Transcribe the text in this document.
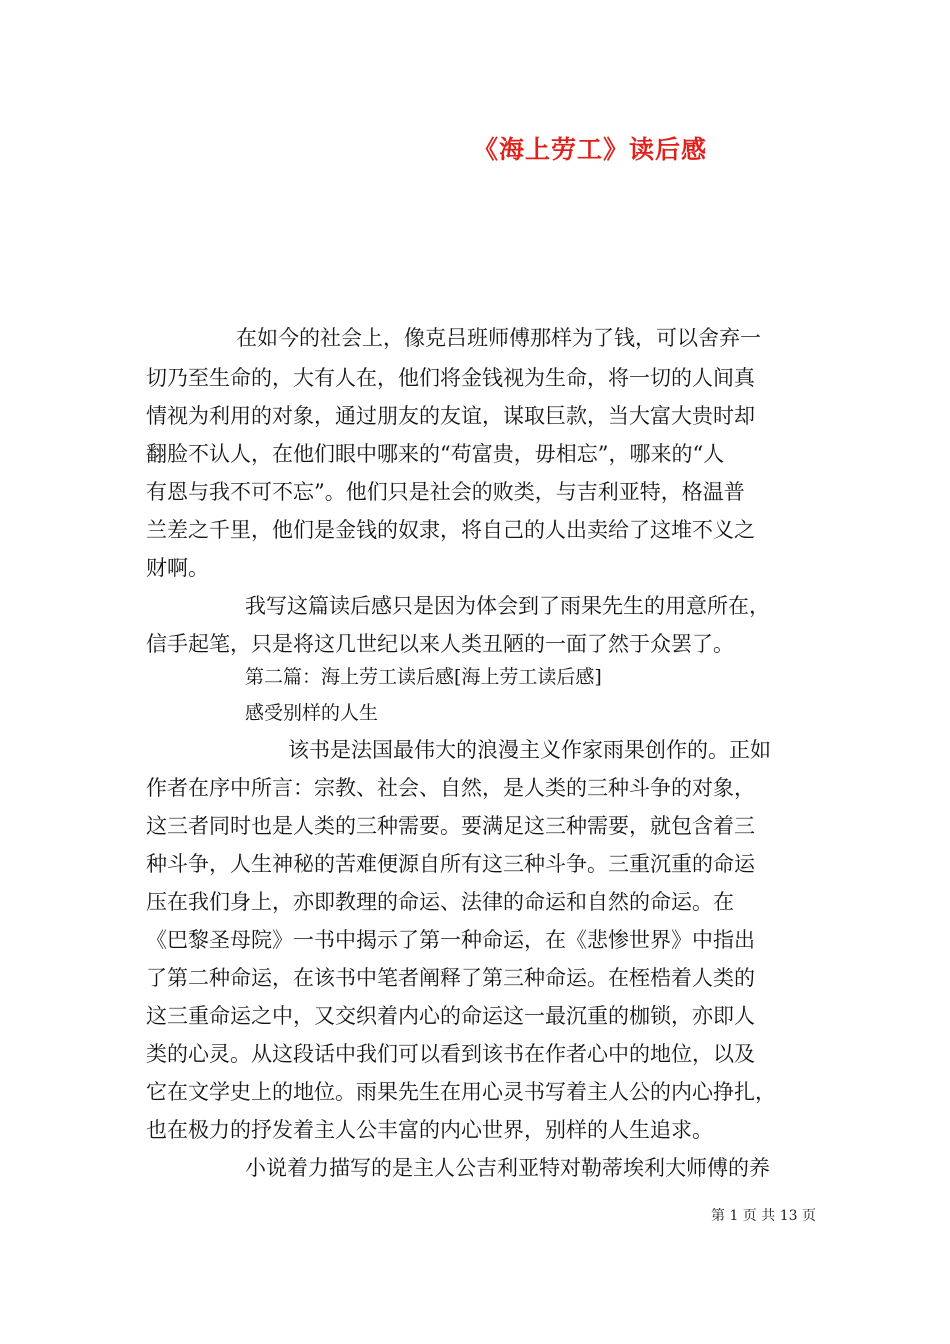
《海上劳工》读后感
在如今的社会上，像克吕班师傅那样为了钱，可以舍弃一
切乃至生命的，大有人在，他们将金钱视为生命，将一切的人间真
情视为利用的对象，通过朋友的友谊，谋取巨款，当大富大贵时却
翻脸不认人，在他们眼中哪来的“苟富贵，毋相忘”，哪来的“人
有恩与我不可不忘”。他们只是社会的败类，与吉利亚特，格温普
兰差之千里，他们是金钱的奴隶，将自己的人出卖给了这堆不义之
财啊。
我写这篇读后感只是因为体会到了雨果先生的用意所在，
信手起笔，只是将这几世纪以来人类丑陋的一面了然于众罢了。
第二篇：海上劳工读后感[海上劳工读后感]
感受别样的人生
该书是法国最伟大的浪漫主义作家雨果创作的。正如
作者在序中所言：宗教、社会、自然，是人类的三种斗争的对象，
这三者同时也是人类的三种需要。要满足这三种需要，就包含着三
种斗争，人生神秘的苦难便源自所有这三种斗争。三重沉重的命运
压在我们身上，亦即教理的命运、法律的命运和自然的命运。在
《巴黎圣母院》一书中揭示了第一种命运，在《悲惨世界》中指出
了第二种命运，在该书中笔者阐释了第三种命运。在桎梏着人类的
这三重命运之中，又交织着内心的命运这一最沉重的枷锁，亦即人
类的心灵。从这段话中我们可以看到该书在作者心中的地位，以及
它在文学史上的地位。雨果先生在用心灵书写着主人公的内心挣扎，
也在极力的抒发着主人公丰富的内心世界，别样的人生追求。
小说着力描写的是主人公吉利亚特对勒蒂埃利大师傅的养
第 1 页 共 13 页
